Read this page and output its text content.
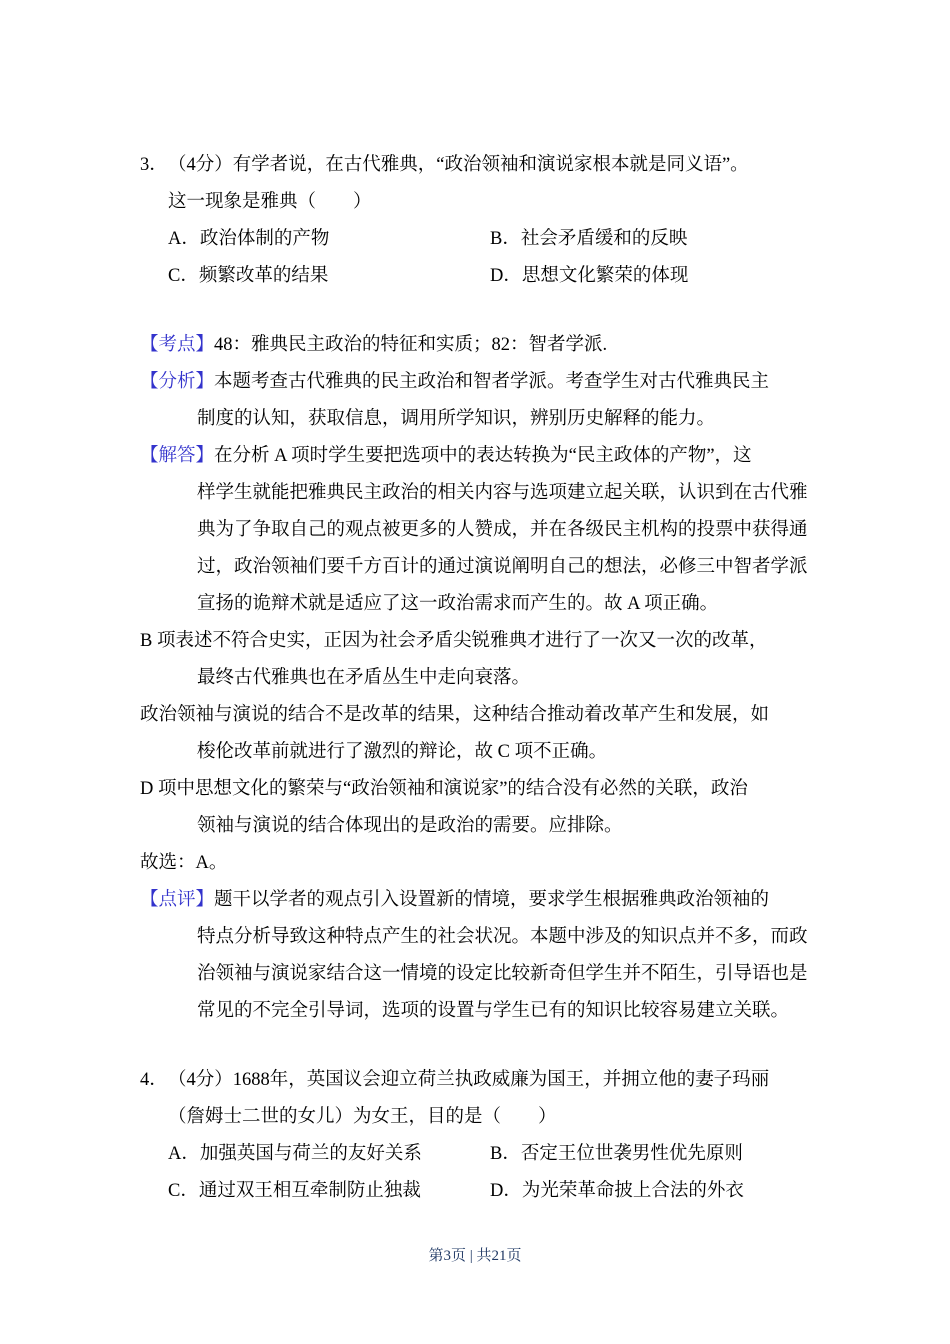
3．（4分）有学者说，在古代雅典，“政治领袖和演说家根本就是同义语”。
这一现象是雅典（　　）
A．政治体制的产物	B．社会矛盾缓和的反映
C．频繁改革的结果	D．思想文化繁荣的体现
【考点】48：雅典民主政治的特征和实质；82：智者学派.
【分析】本题考查古代雅典的民主政治和智者学派。考查学生对古代雅典民主
制度的认知，获取信息，调用所学知识，辨别历史解释的能力。
【解答】在分析 A 项时学生要把选项中的表达转换为“民主政体的产物”，这
样学生就能把雅典民主政治的相关内容与选项建立起关联，认识到在古代雅
典为了争取自己的观点被更多的人赞成，并在各级民主机构的投票中获得通
过，政治领袖们要千方百计的通过演说阐明自己的想法，必修三中智者学派
宣扬的诡辩术就是适应了这一政治需求而产生的。故 A 项正确。
B 项表述不符合史实，正因为社会矛盾尖锐雅典才进行了一次又一次的改革，
最终古代雅典也在矛盾丛生中走向衰落。
政治领袖与演说的结合不是改革的结果，这种结合推动着改革产生和发展，如
梭伦改革前就进行了激烈的辩论，故 C 项不正确。
D 项中思想文化的繁荣与“政治领袖和演说家”的结合没有必然的关联，政治
领袖与演说的结合体现出的是政治的需要。应排除。
故选：A。
【点评】题干以学者的观点引入设置新的情境，要求学生根据雅典政治领袖的
特点分析导致这种特点产生的社会状况。本题中涉及的知识点并不多，而政
治领袖与演说家结合这一情境的设定比较新奇但学生并不陌生，引导语也是
常见的不完全引导词，选项的设置与学生已有的知识比较容易建立关联。
4．（4分）1688年，英国议会迎立荷兰执政威廉为国王，并拥立他的妻子玛丽
（詹姆士二世的女儿）为女王，目的是（　　）
A．加强英国与荷兰的友好关系	B．否定王位世袭男性优先原则
C．通过双王相互牵制防止独裁	D．为光荣革命披上合法的外衣
第3页 | 共21页
